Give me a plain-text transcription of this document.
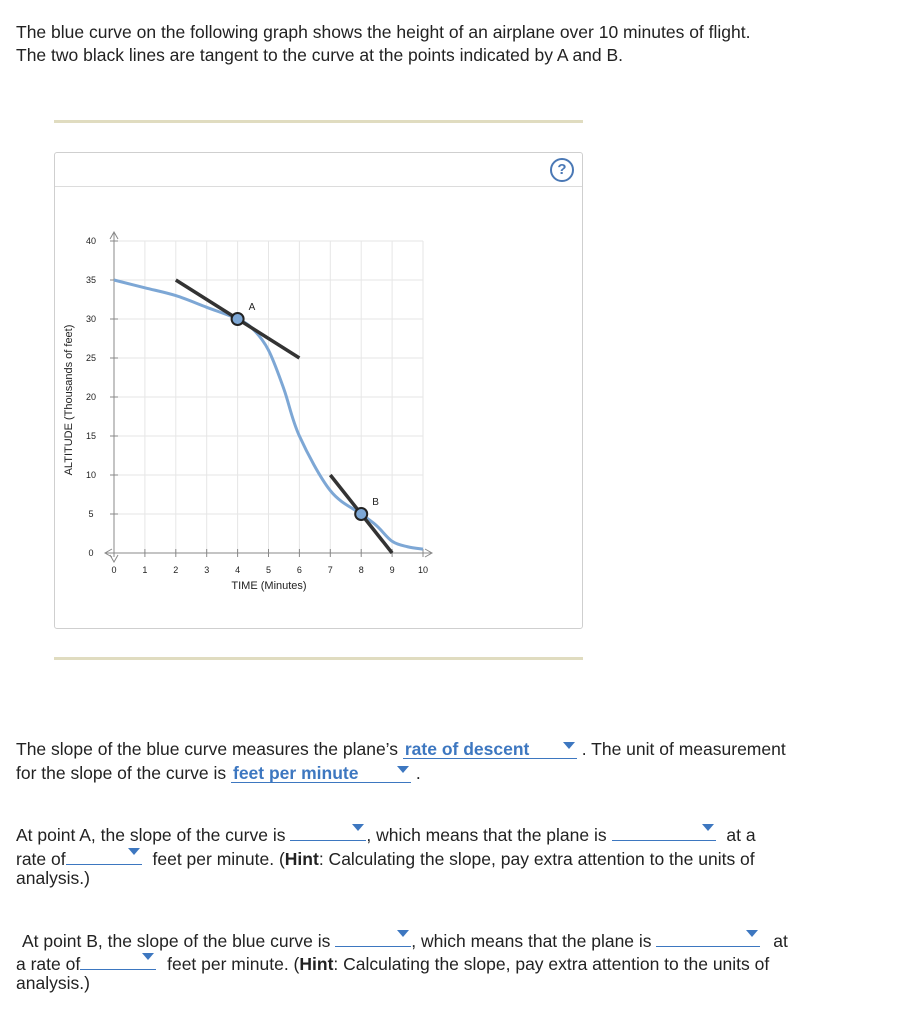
The blue curve on the following graph shows the height of an airplane over 10 minutes of flight.
The two black lines are tangent to the curve at the points indicated by A and B.
?
0	1	2	3	4	5	6	7	8	9	10
0
5
10
15
20
25
30
35
40
A
B
TIME (Minutes)
ALTITUDE (Thousands of feet)
The slope of the blue curve measures the plane’s rate of descent	. The unit of measurement
for the slope of the curve is feet per minute	.
At point A, the slope of the curve is	, which means that the plane is	at a
rate of	feet per minute. (Hint: Calculating the slope, pay extra attention to the units of
analysis.)
At point B, the slope of the blue curve is	, which means that the plane is	at
a rate of	feet per minute. (Hint: Calculating the slope, pay extra attention to the units of
analysis.)
